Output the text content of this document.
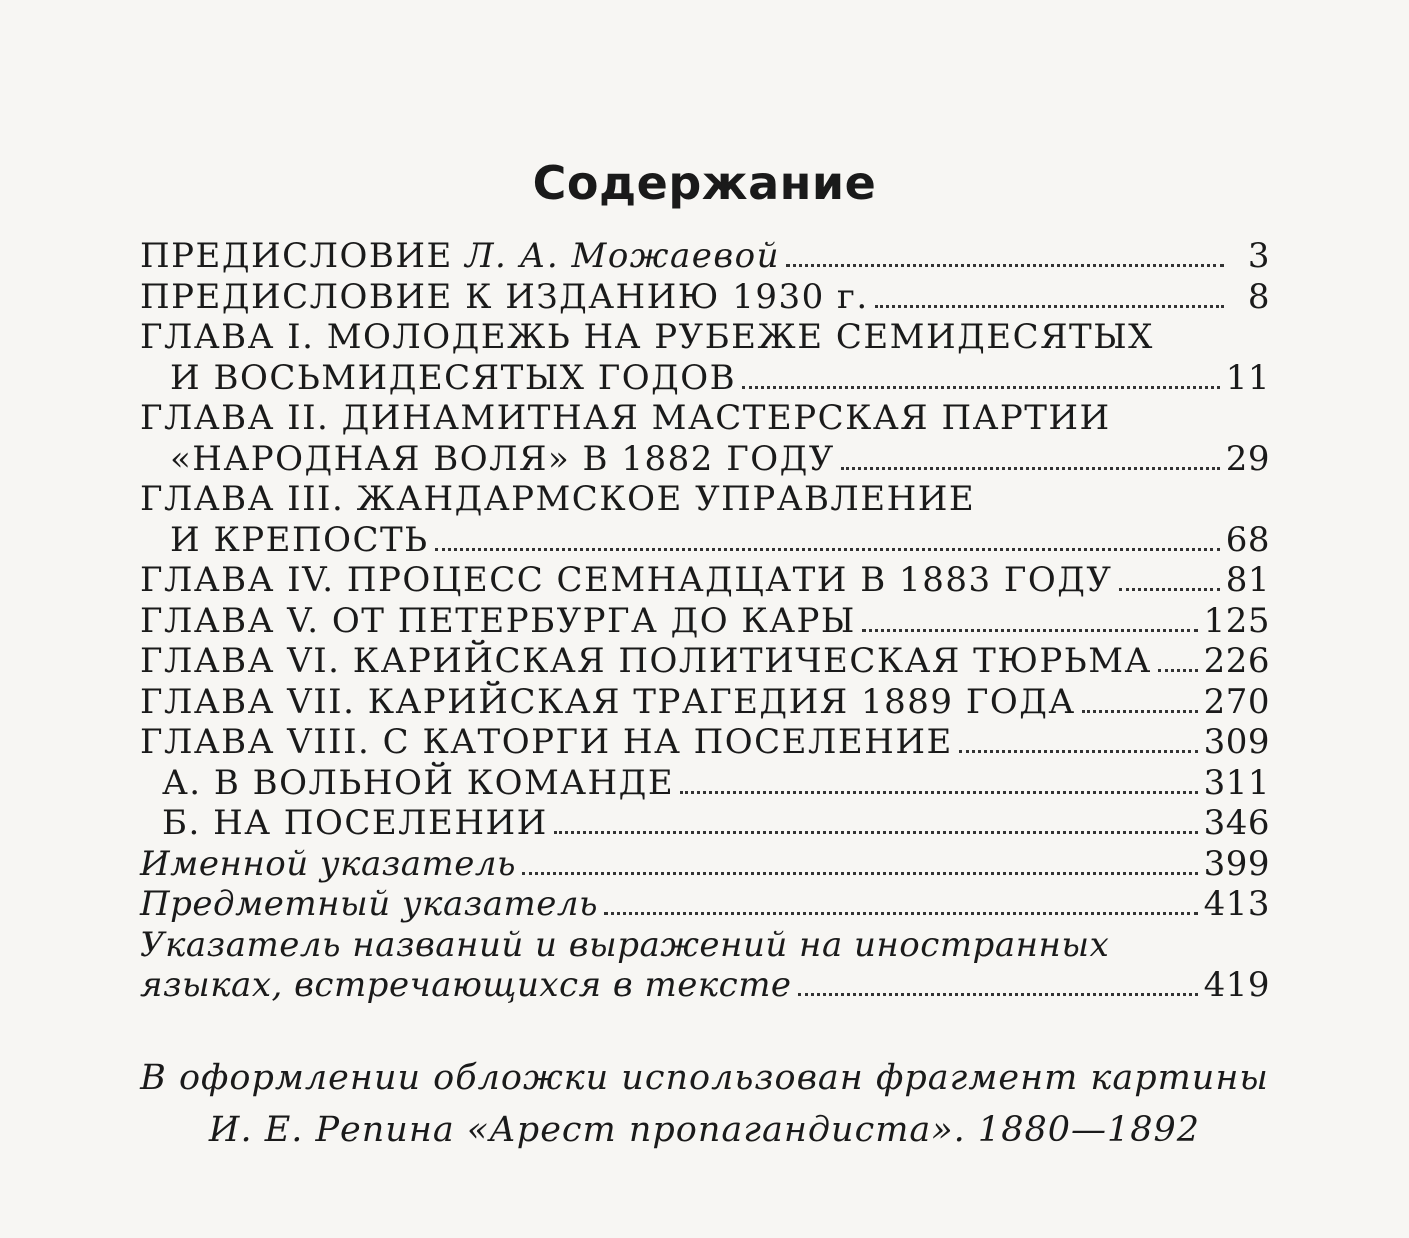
Содержание
ПРЕДИСЛОВИЕ Л. А. Можаевой	3
ПРЕДИСЛОВИЕ К ИЗДАНИЮ 1930 г.	8
ГЛАВА I. МОЛОДЕЖЬ НА РУБЕЖЕ СЕМИДЕСЯТЫХ
И ВОСЬМИДЕСЯТЫХ ГОДОВ	11
ГЛАВА II. ДИНАМИТНАЯ МАСТЕРСКАЯ ПАРТИИ
«НАРОДНАЯ ВОЛЯ» В 1882 ГОДУ	29
ГЛАВА III. ЖАНДАРМСКОЕ УПРАВЛЕНИЕ
И КРЕПОСТЬ	68
ГЛАВА IV. ПРОЦЕСС СЕМНАДЦАТИ В 1883 ГОДУ	81
ГЛАВА V. ОТ ПЕТЕРБУРГА ДО КАРЫ	125
ГЛАВА VI. КАРИЙСКАЯ ПОЛИТИЧЕСКАЯ ТЮРЬМА 226
ГЛАВА VII. КАРИЙСКАЯ ТРАГЕДИЯ 1889 ГОДА	270
ГЛАВА VIII. С КАТОРГИ НА ПОСЕЛЕНИЕ	309
А. В ВОЛЬНОЙ КОМАНДЕ	311
Б. НА ПОСЕЛЕНИИ	346
Именной указатель	399
Предметный указатель	413
Указатель названий и выражений на иностранных
языках, встречающихся в тексте	419
В оформлении обложки использован фрагмент картины
И. Е. Репина «Арест пропагандиста». 1880—1892
